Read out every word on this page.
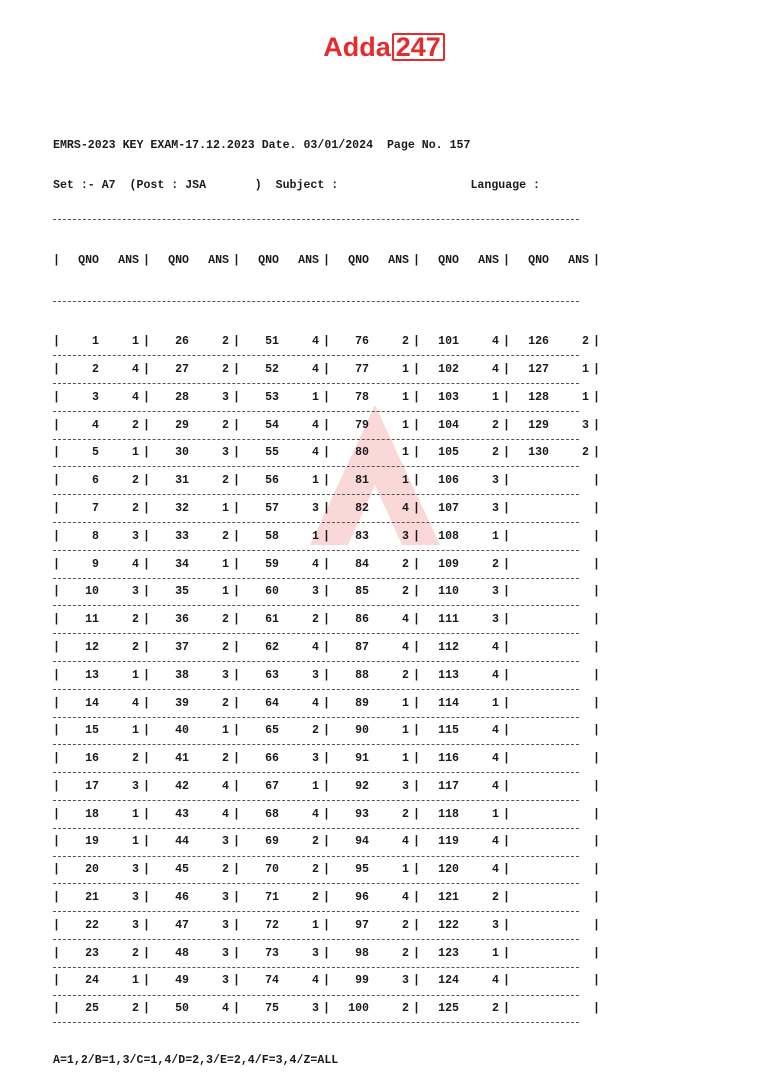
Adda 247

EMRS-2023 KEY EXAM-17.12.2023 Date. 03/01/2024  Page No. 157

Set :- A7  (Post : JSA       )  Subject :                   Language :

|	QNO	ANS |	QNO	ANS |	QNO	ANS |	QNO	ANS |	QNO	ANS |	QNO	ANS |

|	1	1 |	26	2 |	51	4 |	76	2 |	101	4 |	126	2 |
|	2	4 |	27	2 |	52	4 |	77	1 |	102	4 |	127	1 |
|	3	4 |	28	3 |	53	1 |	78	1 |	103	1 |	128	1 |
|	4	2 |	29	2 |	54	4 |	79	1 |	104	2 |	129	3 |
|	5	1 |	30	3 |	55	4 |	80	1 |	105	2 |	130	2 |
|	6	2 |	31	2 |	56	1 |	81	1 |	106	3 |	|
|	7	2 |	32	1 |	57	3 |	82	4 |	107	3 |	|
|	8	3 |	33	2 |	58	1 |	83	3 |	108	1 |	|
|	9	4 |	34	1 |	59	4 |	84	2 |	109	2 |	|
|	10	3 |	35	1 |	60	3 |	85	2 |	110	3 |	|
|	11	2 |	36	2 |	61	2 |	86	4 |	111	3 |	|
|	12	2 |	37	2 |	62	4 |	87	4 |	112	4 |	|
|	13	1 |	38	3 |	63	3 |	88	2 |	113	4 |	|
|	14	4 |	39	2 |	64	4 |	89	1 |	114	1 |	|
|	15	1 |	40	1 |	65	2 |	90	1 |	115	4 |	|
|	16	2 |	41	2 |	66	3 |	91	1 |	116	4 |	|
|	17	3 |	42	4 |	67	1 |	92	3 |	117	4 |	|
|	18	1 |	43	4 |	68	4 |	93	2 |	118	1 |	|
|	19	1 |	44	3 |	69	2 |	94	4 |	119	4 |	|
|	20	3 |	45	2 |	70	2 |	95	1 |	120	4 |	|
|	21	3 |	46	3 |	71	2 |	96	4 |	121	2 |	|
|	22	3 |	47	3 |	72	1 |	97	2 |	122	3 |	|
|	23	2 |	48	3 |	73	3 |	98	2 |	123	1 |	|
|	24	1 |	49	3 |	74	4 |	99	3 |	124	4 |	|
|	25	2 |	50	4 |	75	3 |	100	2 |	125	2 |	|

A=1,2/B=1,3/C=1,4/D=2,3/E=2,4/F=3,4/Z=ALL
